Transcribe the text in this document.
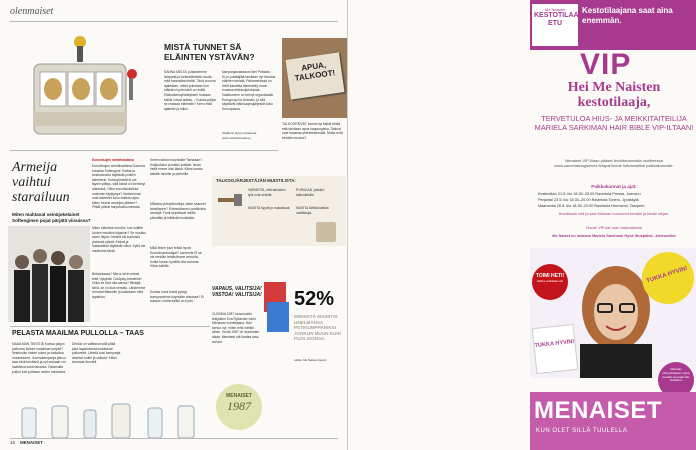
olenmaiset
MISTÄ TUNNET SÄ ELÄINTEN YSTÄVÄN?
SANNA MELTA, julkaisemme lampaita ja turkiseläimistä osoita, mitä kannattaa tietää. Tänä vuonna ajatellaan, mistä puhutaan kun eläinten hyvinvointi on esillä. Eläinoikeusyhdistyksen mukaan kaikki voivat auttaa. – Kuinka paljon se maksaa eläimelle? Kerro mitä ajattelet ja miksi.
kampanjavastaava Nimi Pekkala. EU:n päättäjiltä tarvitaan nyt ilmoitus eläinten edestä. Parlamentissa on vielä kaudella äänestetty muun muassa eläinkuljetuksista. Vaalikoneen on tehnyt organisaatio Eurogroup for Animals, ja sitä käyttävät eläinsuojelujärjestöt koko Euroopassa.
Vaalikone löytyy osoitteesta www.voteforanimals.eu
APUA, TALKOOT!
TALKOOPÄIVÄT tuovat nyt kaikki tietää että tarvitaan apua kaupungissa. Talkoot ovat hauskaa yhteistekemistä. Mutta entä kevään muutos?
Armeija vaihtui starailuun
Miten mahtavat seinäjokelaiset Softenginen pojat pärjätä viisuissa?
Euroviisujen semifinaalissa
Euroviisujen semifinaalissa Suomea edustaa Softengine. Keikat ja studiosessiot täyttävät poikien kalenterin. Kotisopimistä ei ole täysin yllätys, sillä bändi on kiertänyt ahkerasti. Oliko euroviisukeikka unelmien täyttymys? Vanhemmat ovat tukeneet koko matkan ajan. Miten treenit armeijan jälkeen? Pitkät päivät harjoitushuoneessa.
Miten elämäne muuttui, kun voititte Uuden musiikin kilpailun? Se muuttui aivan täysin. Meistä tuli kuuluisia yhdessä yössä. Keikat ja haastattelut täyttävät viikot. Kyllä me nautimme tästä.
Britanniassa? Mirror-lehti vertasi teitä 'nykyisiin Coldplay-bändeihin'. Onko se kiva olla sanoa? Mikäpä siinä, se on kiva vertailu. Lähdemme rennosti liikkeelle ja katsotaan mitä tapahtuu.
Kenen tahdon toivoisitte Tanskaan? Kotijoukkue ja kaikki ystävät. Ilman heitä emme olisi tässä. Kiitos tuesta kaikille faneille ja perheille.
Millaisia yhteydenottoja olette saaneet faneiltanne? Enimmäkseen positiivisia viestejä. Fanit kirjoittavat meille päivittäin ja kiittävät musiikista.
Mikä tekee juuri teistä hyvät Euroviisuedustajat? Lareemle Ei se ole meidän tehtävämme arvioida, mutta tuntuu hyvältä olla mukana. Kiitos kaikille.
Kuinka moni teistä pystyy kumppaniinne käymään viisuissa? Ei kukaan, mutta kaikki on hyvin.
TALKOOJÄRJESTÄJÄN MUISTILISTA:
VARMISTA, että talkoiden työt ovat selvillä.
PURUKAN 'palkkio' talkoolaisille.
MUISTA kyydit ja ruokatauot.	MUISTA kiittää kaikkia osallistujia.
PELASTA MAAILMA PULLOLLA – TAAS
MAAILMAN TEKSTIÄ Kuinka paljon pullovesi kulkee maailman ympäri? Vesihuolto hakee tukea ja vaikuttaa muutokseen. Juomakampanja jatkuu taas tänä keväänä ja nyt mukaan voi osallistua kuka tahansa. Ostamalla pullon tuet puhtaan veden hankkeita.
Drinkki on valittanut sillä pitkä jaka tapauksessa kuluttavat pullovettä. Lähetä uusi kampanja-aineisto kotiin ja vaikuta. Kiitos Amanda Sundell.
VAPAUS, VALITSIJA! VIISTOA! VALITSIJA!
VUONNA 1987 hiusmuodin tekijöiden Eva Rydander toimi Menaisen toimittajana. Hän kertoo nyt, miten lehti nähtiin silloin. Kevät 1987 oli muutosten aikaa. Menaiset otti kantaa tasa-arvoon.
52%
MIEHISTÄ MAINITSI UNELMANSA PETIKUMPPANIKSI JONKUN MUUN KUIN PUOLISONSA.
Lähde: Me Naisten kysely.
MENAISET
1987
16 MENAISET
Me Naisten
KESTOTILAAJAN ETU
Kestotilaajana saat aina enemmän.
VIP
Hei Me Naisten kestotilaaja,
TERVETULOA HIUS- JA MEIKKITAITEILIJA MARIELA SARKIMAN HAIR BIBLE VIP-ILTAAN!
Menaiset VIP-illaan pääset ilmoittautumalla osoitteessa www.sanomamagazines.fi/tapahtumat haluamallesi paikkakunnalle.
Paikkakunnat ja ajat:
Keskiviikko 21.5. klo 18.30–20.00 Ravintola Pressa, Joensuu
Perjantai 23.5. klo 18.30–20.00 Ravintola Tonero, Jyväskylä
Maanantai 26.5. klo 18.30–20.00 Ravintola Hermanni, Tampere
Ilmoittaudu heti ja saat Mariaan huuvinnoi kevään ja kesän lahjan.
Huom! VIP-ilat ovat maksuttomia!
Me Naiset on mukana Mariela Sarkiman Hyvä Hiuspäivä –kiertueella!
TUKKA HYVIN!
TUKKA HYVIN!
TOIMI HETI!
Valitse paikkakunta!
Marielan Hiuuviinkkeen myös kevään ja kesän Me Naisilleni
MENAISET
KUN OLET SILLÄ TUULELLA
